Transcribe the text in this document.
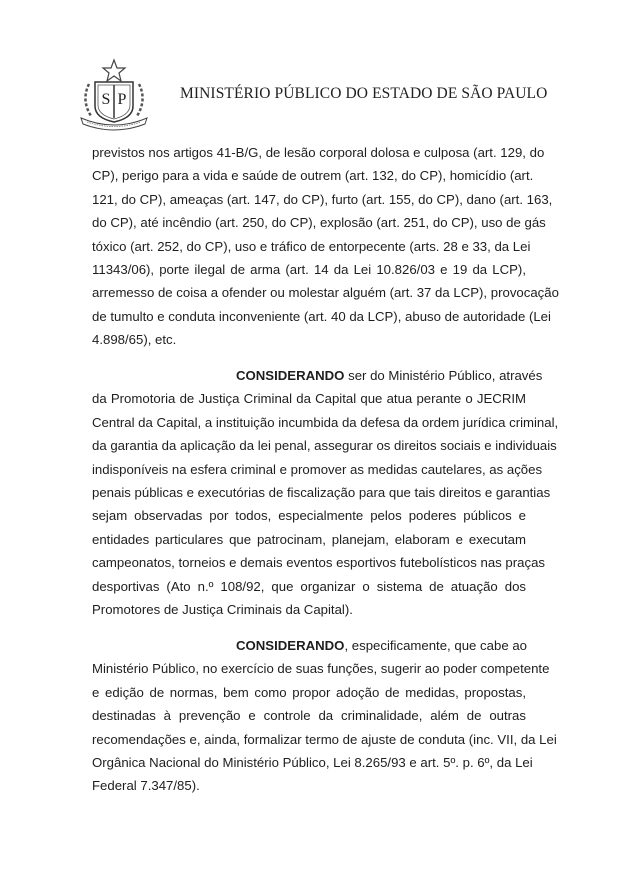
S P	MINISTÉRIO PÚBLICO DO ESTADO DE SÃO PAULO
previstos nos artigos 41-B/G, de lesão corporal dolosa e culposa (art. 129, do
CP), perigo para a vida e saúde de outrem (art. 132, do CP), homicídio (art.
121, do CP), ameaças (art. 147, do CP), furto (art. 155, do CP), dano (art. 163,
do CP), até incêndio (art. 250, do CP), explosão (art. 251, do CP), uso de gás
tóxico (art. 252, do CP), uso e tráfico de entorpecente (arts. 28 e 33, da Lei
11343/06), porte ilegal de arma (art. 14 da Lei 10.826/03 e 19 da LCP),
arremesso de coisa a ofender ou molestar alguém (art. 37 da LCP), provocação
de tumulto e conduta inconveniente (art. 40 da LCP), abuso de autoridade (Lei
4.898/65), etc.
CONSIDERANDO ser do Ministério Público, através
da Promotoria de Justiça Criminal da Capital que atua perante o JECRIM
Central da Capital, a instituição incumbida da defesa da ordem jurídica criminal,
da garantia da aplicação da lei penal, assegurar os direitos sociais e individuais
indisponíveis na esfera criminal e promover as medidas cautelares, as ações
penais públicas e executórias de fiscalização para que tais direitos e garantias
sejam observadas por todos, especialmente pelos poderes públicos e
entidades particulares que patrocinam, planejam, elaboram e executam
campeonatos, torneios e demais eventos esportivos futebolísticos nas praças
desportivas (Ato n.º 108/92, que organizar o sistema de atuação dos
Promotores de Justiça Criminais da Capital).
CONSIDERANDO, especificamente, que cabe ao
Ministério Público, no exercício de suas funções, sugerir ao poder competente
e edição de normas, bem como propor adoção de medidas, propostas,
destinadas à prevenção e controle da criminalidade, além de outras
recomendações e, ainda, formalizar termo de ajuste de conduta (inc. VII, da Lei
Orgânica Nacional do Ministério Público, Lei 8.265/93 e art. 5º. p. 6º, da Lei
Federal 7.347/85).
